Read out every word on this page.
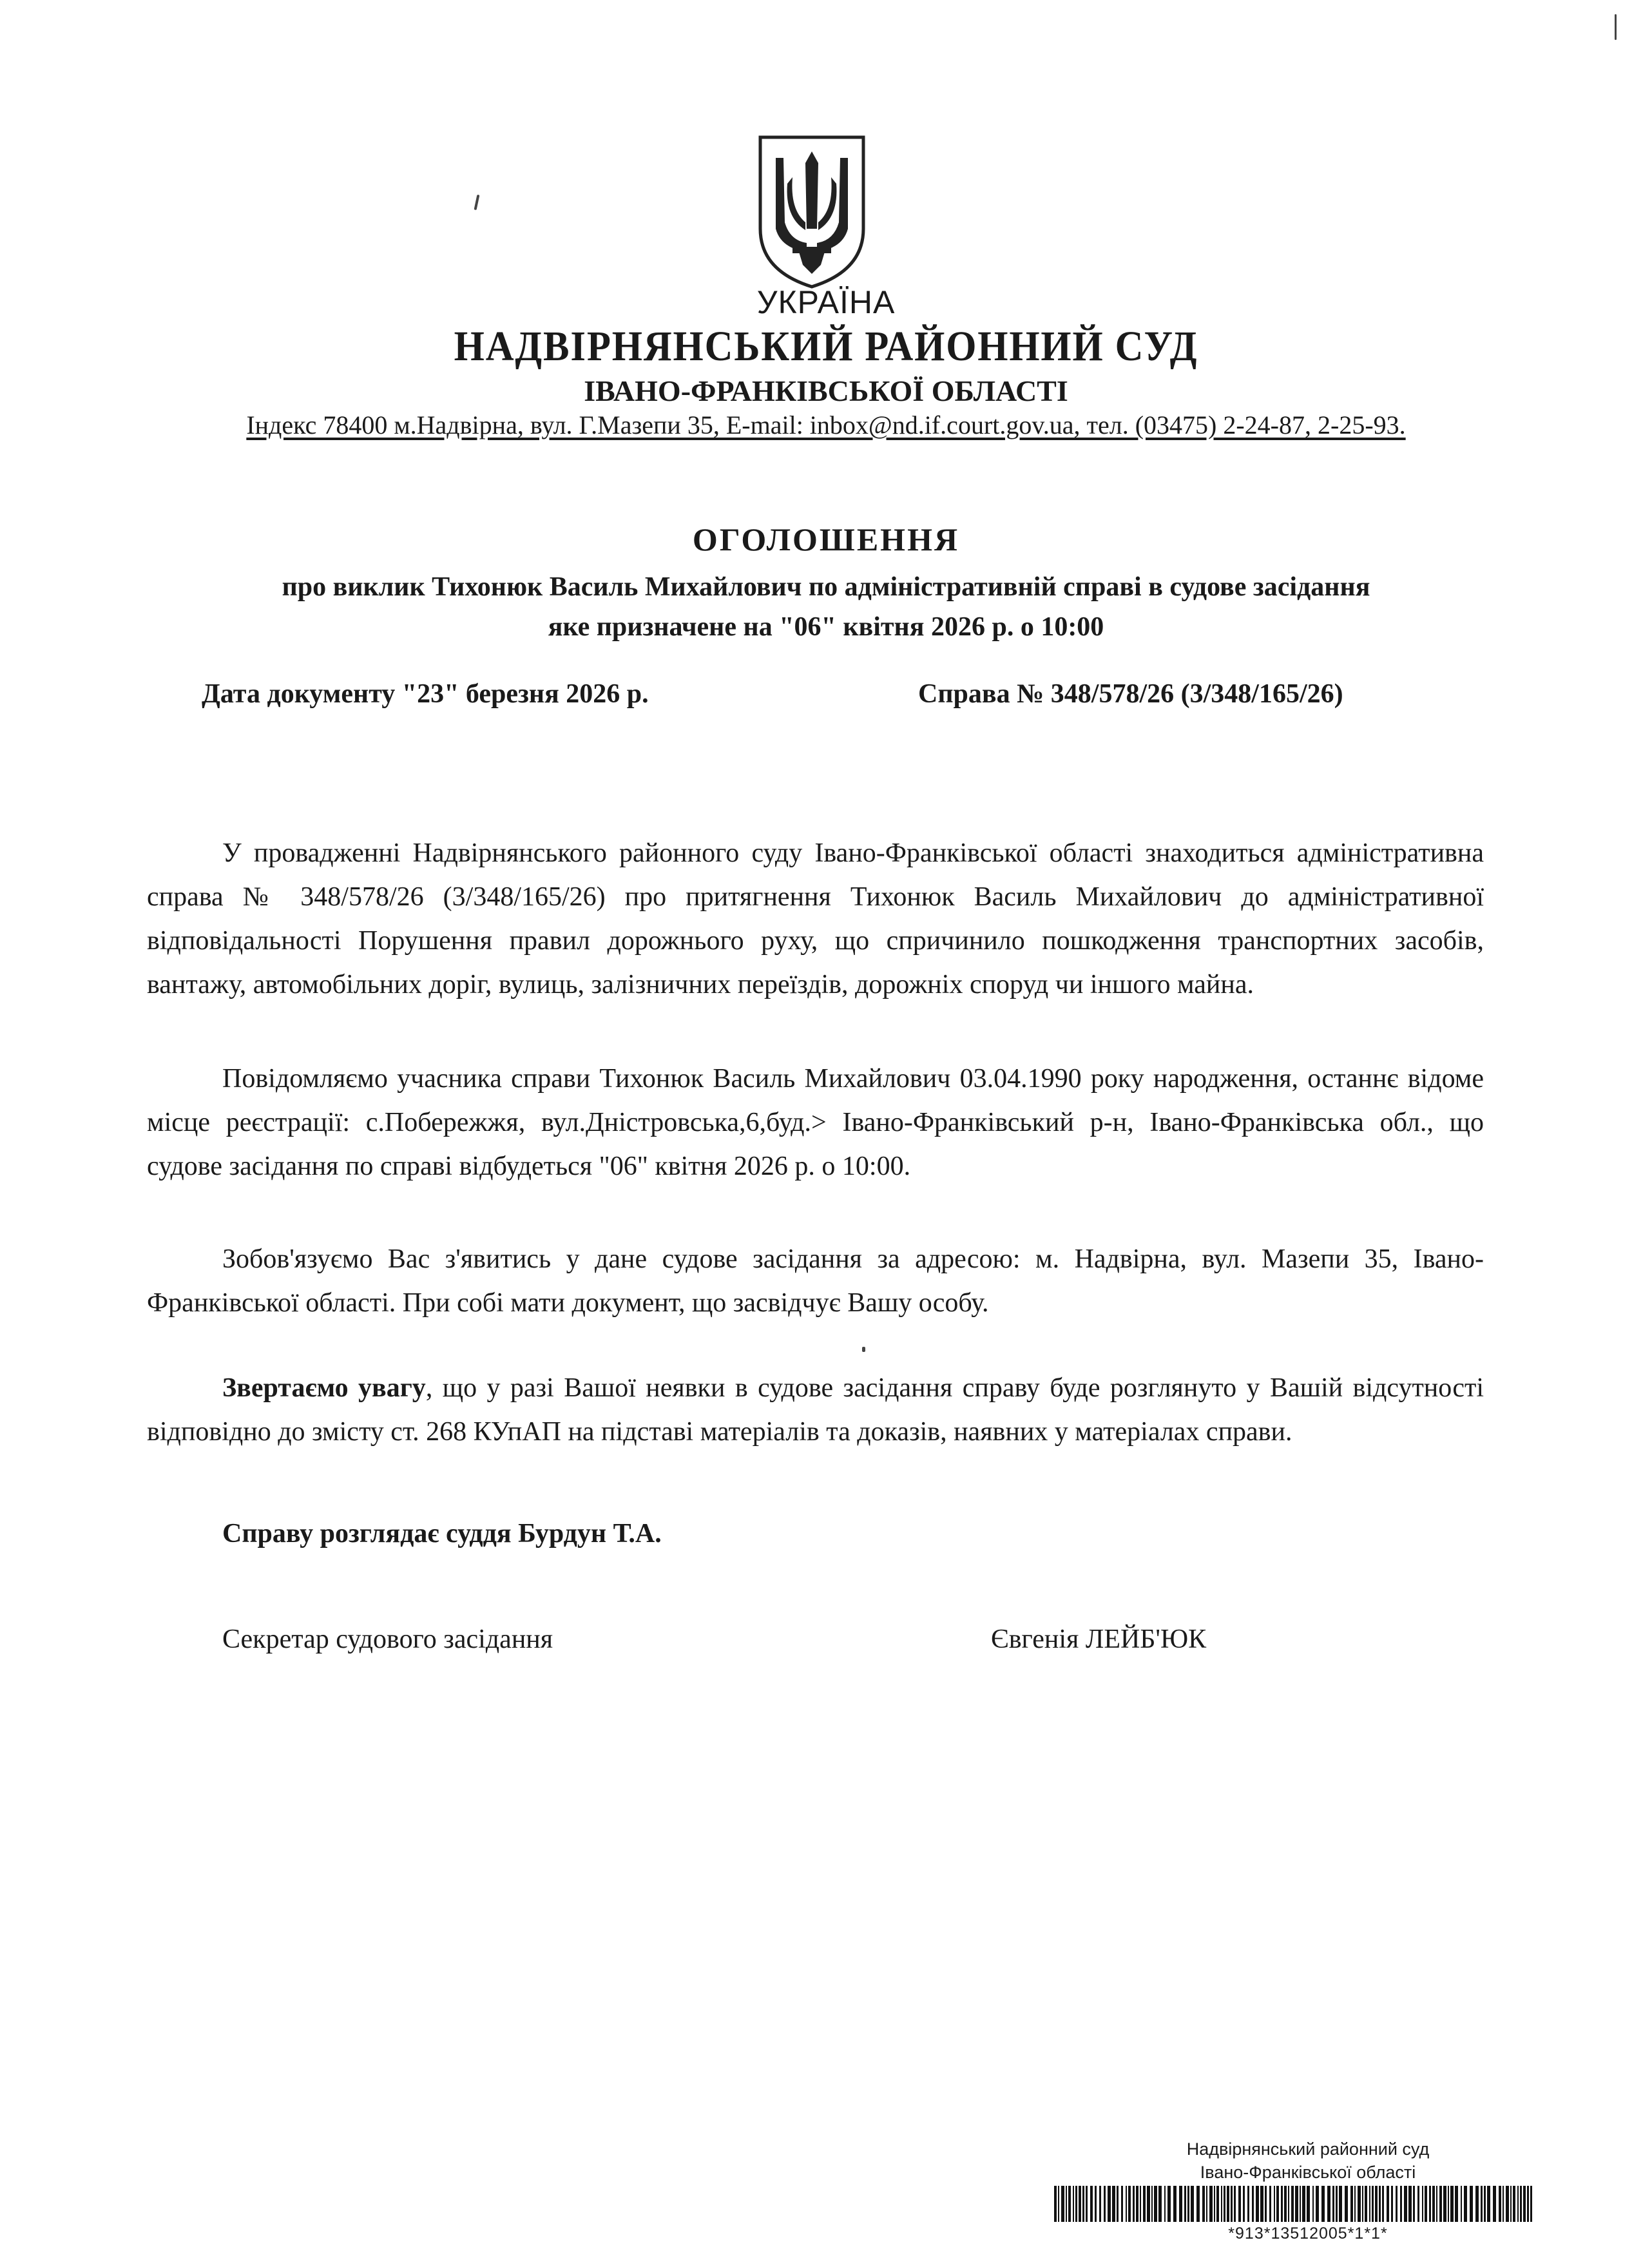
УКРАЇНА
НАДВІРНЯНСЬКИЙ РАЙОННИЙ СУД
ІВАНО-ФРАНКІВСЬКОЇ ОБЛАСТІ
Індекс 78400 м.Надвірна, вул. Г.Мазепи 35, E-mail: inbox@nd.if.court.gov.ua, тел. (03475) 2-24-87, 2-25-93.
ОГОЛОШЕННЯ
про виклик Тихонюк Василь Михайлович по адміністративній справі в судове засідання
яке призначене на "06" квітня 2026 р. о 10:00
Дата документу "23" березня 2026 р.	Справа № 348/578/26 (3/348/165/26)
У провадженні Надвірнянського районного суду Івано-Франківської області знаходиться адміністративна справа № 348/578/26 (3/348/165/26) про притягнення Тихонюк Василь Михайлович до адміністративної відповідальності Порушення правил дорожнього руху, що спричинило пошкодження транспортних засобів, вантажу, автомобільних доріг, вулиць, залізничних переїздів, дорожніх споруд чи іншого майна.
Повідомляємо учасника справи Тихонюк Василь Михайлович 03.04.1990 року народження, останнє відоме місце реєстрації: с.Побережжя, вул.Дністровська,6,буд.> Івано-Франківський р-н, Івано-Франківська обл., що судове засідання по справі відбудеться "06" квітня 2026 р. о 10:00.
Зобов'язуємо Вас з'явитись у дане судове засідання за адресою: м. Надвірна, вул. Мазепи 35, Івано-Франківської області. При собі мати документ, що засвідчує Вашу особу.
Звертаємо увагу, що у разі Вашої неявки в судове засідання справу буде розглянуто у Вашій відсутності відповідно до змісту ст. 268 КУпАП на підставі матеріалів та доказів, наявних у матеріалах справи.
Справу розглядає суддя Бурдун Т.А.
Секретар судового засідання	Євгенія ЛЕЙБ'ЮК
Надвірнянський районний суд
Івано-Франківської області
*913*13512005*1*1*
